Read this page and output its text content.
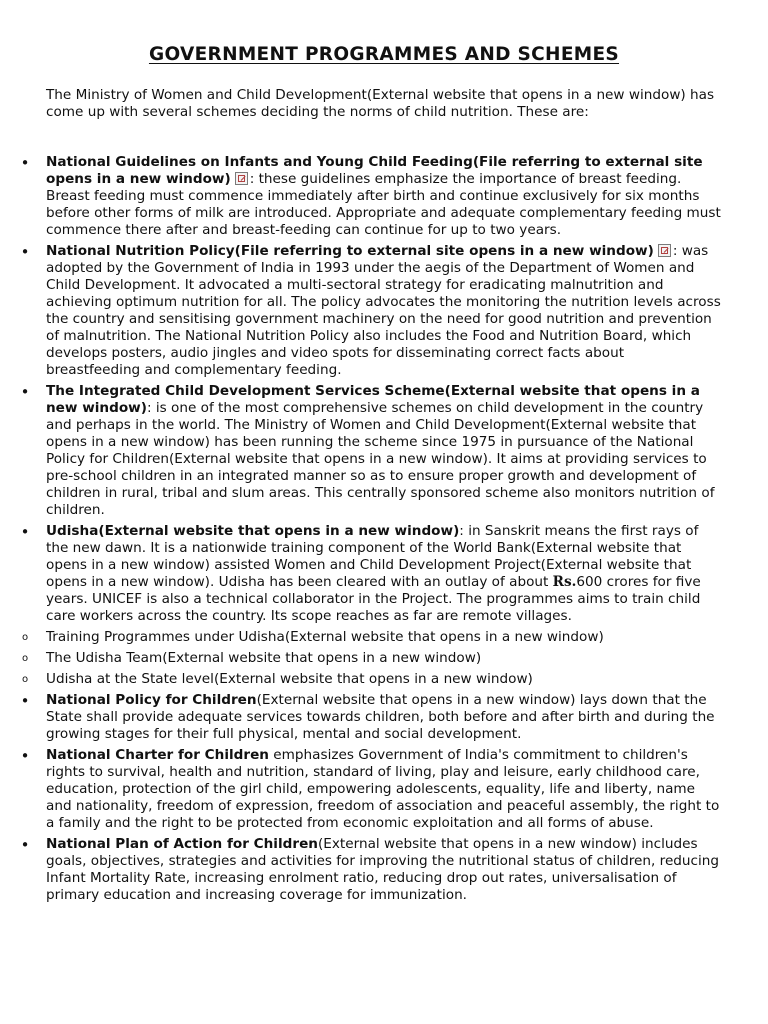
GOVERNMENT PROGRAMMES AND SCHEMES

The Ministry of Women and Child Development(External website that opens in a new window) has come up with several schemes deciding the norms of child nutrition. These are:

• National Guidelines on Infants and Young Child Feeding(File referring to external site opens in a new window) : these guidelines emphasize the importance of breast feeding. Breast feeding must commence immediately after birth and continue exclusively for six months before other forms of milk are introduced. Appropriate and adequate complementary feeding must commence there after and breast-feeding can continue for up to two years.
• National Nutrition Policy(File referring to external site opens in a new window) : was adopted by the Government of India in 1993 under the aegis of the Department of Women and Child Development. It advocated a multi-sectoral strategy for eradicating malnutrition and achieving optimum nutrition for all. The policy advocates the monitoring the nutrition levels across the country and sensitising government machinery on the need for good nutrition and prevention of malnutrition. The National Nutrition Policy also includes the Food and Nutrition Board, which develops posters, audio jingles and video spots for disseminating correct facts about breastfeeding and complementary feeding.
• The Integrated Child Development Services Scheme(External website that opens in a new window): is one of the most comprehensive schemes on child development in the country and perhaps in the world. The Ministry of Women and Child Development(External website that opens in a new window) has been running the scheme since 1975 in pursuance of the National Policy for Children(External website that opens in a new window). It aims at providing services to pre-school children in an integrated manner so as to ensure proper growth and development of children in rural, tribal and slum areas. This centrally sponsored scheme also monitors nutrition of children.
• Udisha(External website that opens in a new window): in Sanskrit means the first rays of the new dawn. It is a nationwide training component of the World Bank(External website that opens in a new window) assisted Women and Child Development Project(External website that opens in a new window). Udisha has been cleared with an outlay of about Rs.600 crores for five years. UNICEF is also a technical collaborator in the Project. The programmes aims to train child care workers across the country. Its scope reaches as far are remote villages.
o Training Programmes under Udisha(External website that opens in a new window)
o The Udisha Team(External website that opens in a new window)
o Udisha at the State level(External website that opens in a new window)
• National Policy for Children(External website that opens in a new window) lays down that the State shall provide adequate services towards children, both before and after birth and during the growing stages for their full physical, mental and social development.
• National Charter for Children emphasizes Government of India's commitment to children's rights to survival, health and nutrition, standard of living, play and leisure, early childhood care, education, protection of the girl child, empowering adolescents, equality, life and liberty, name and nationality, freedom of expression, freedom of association and peaceful assembly, the right to a family and the right to be protected from economic exploitation and all forms of abuse.
• National Plan of Action for Children(External website that opens in a new window) includes goals, objectives, strategies and activities for improving the nutritional status of children, reducing Infant Mortality Rate, increasing enrolment ratio, reducing drop out rates, universalisation of primary education and increasing coverage for immunization.
